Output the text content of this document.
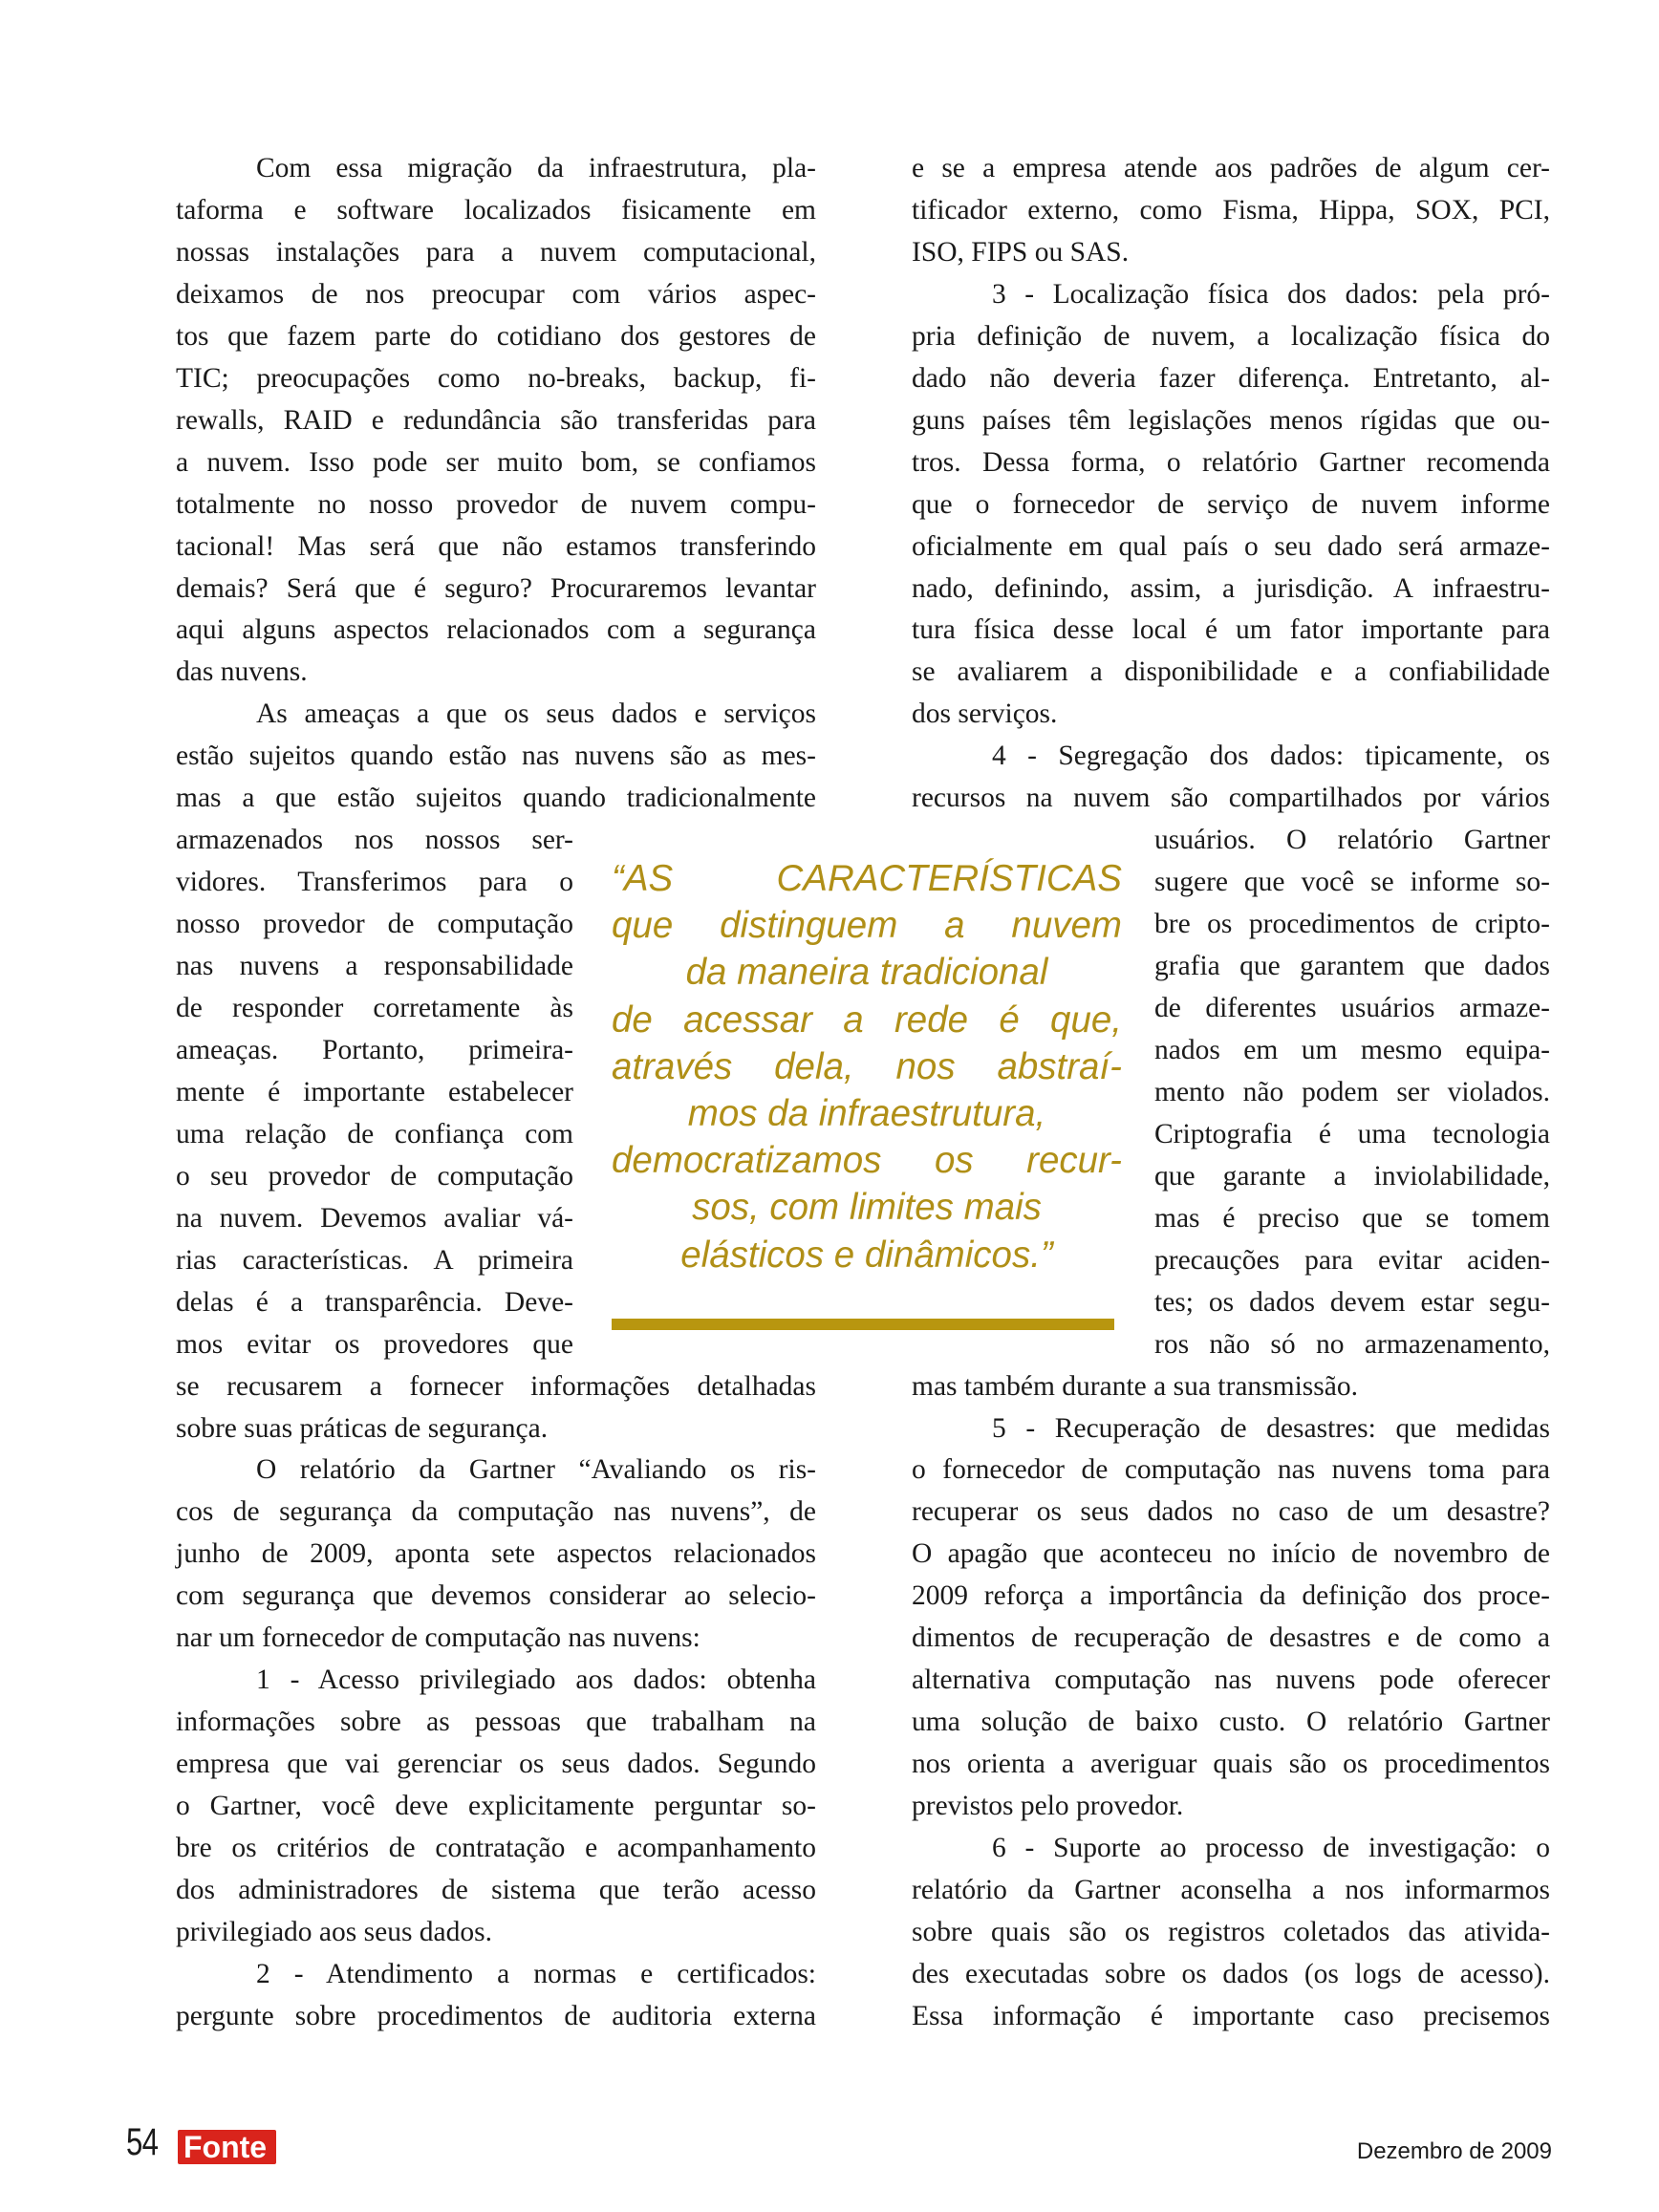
Com essa migração da infraestrutura, pla-
taforma e software localizados fisicamente em
nossas instalações para a nuvem computacional,
deixamos de nos preocupar com vários aspec-
tos que fazem parte do cotidiano dos gestores de
TIC; preocupações como no-breaks, backup, fi-
rewalls, RAID e redundância são transferidas para
a nuvem. Isso pode ser muito bom, se confiamos
totalmente no nosso provedor de nuvem compu-
tacional! Mas será que não estamos transferindo
demais? Será que é seguro? Procuraremos levantar
aqui alguns aspectos relacionados com a segurança
das nuvens.
As ameaças a que os seus dados e serviços
estão sujeitos quando estão nas nuvens são as mes-
mas a que estão sujeitos quando tradicionalmente
armazenados nos nossos ser-
vidores. Transferimos para o
nosso provedor de computação
nas nuvens a responsabilidade
de responder corretamente às
ameaças. Portanto, primeira-
mente é importante estabelecer
uma relação de confiança com
o seu provedor de computação
na nuvem. Devemos avaliar vá-
rias características. A primeira
delas é a transparência. Deve-
mos evitar os provedores que
se recusarem a fornecer informações detalhadas
sobre suas práticas de segurança.
O relatório da Gartner “Avaliando os ris-
cos de segurança da computação nas nuvens”, de
junho de 2009, aponta sete aspectos relacionados
com segurança que devemos considerar ao selecio-
nar um fornecedor de computação nas nuvens:
1 - Acesso privilegiado aos dados: obtenha
informações sobre as pessoas que trabalham na
empresa que vai gerenciar os seus dados. Segundo
o Gartner, você deve explicitamente perguntar so-
bre os critérios de contratação e acompanhamento
dos administradores de sistema que terão acesso
privilegiado aos seus dados.
2 - Atendimento a normas e certificados:
pergunte sobre procedimentos de auditoria externa
e se a empresa atende aos padrões de algum cer-
tificador externo, como Fisma, Hippa, SOX, PCI,
ISO, FIPS ou SAS.
3 - Localização física dos dados: pela pró-
pria definição de nuvem, a localização física do
dado não deveria fazer diferença. Entretanto, al-
guns países têm legislações menos rígidas que ou-
tros. Dessa forma, o relatório Gartner recomenda
que o fornecedor de serviço de nuvem informe
oficialmente em qual país o seu dado será armaze-
nado, definindo, assim, a jurisdição. A infraestru-
tura física desse local é um fator importante para
se avaliarem a disponibilidade e a confiabilidade
dos serviços.
4 - Segregação dos dados: tipicamente, os
recursos na nuvem são compartilhados por vários
usuários. O relatório Gartner
sugere que você se informe so-
bre os procedimentos de cripto-
grafia que garantem que dados
de diferentes usuários armaze-
nados em um mesmo equipa-
mento não podem ser violados.
Criptografia é uma tecnologia
que garante a inviolabilidade,
mas é preciso que se tomem
precauções para evitar aciden-
tes; os dados devem estar segu-
ros não só no armazenamento,
mas também durante a sua transmissão.
5 - Recuperação de desastres: que medidas
o fornecedor de computação nas nuvens toma para
recuperar os seus dados no caso de um desastre?
O apagão que aconteceu no início de novembro de
2009 reforça a importância da definição dos proce-
dimentos de recuperação de desastres e de como a
alternativa computação nas nuvens pode oferecer
uma solução de baixo custo. O relatório Gartner
nos orienta a averiguar quais são os procedimentos
previstos pelo provedor.
6 - Suporte ao processo de investigação: o
relatório da Gartner aconselha a nos informarmos
sobre quais são os registros coletados das ativida-
des executadas sobre os dados (os logs de acesso).
Essa informação é importante caso precisemos
“AS CARACTERÍSTICAS
que distinguem a nuvem
da maneira tradicional
de acessar a rede é que,
através dela, nos abstraí-
mos da infraestrutura,
democratizamos os recur-
sos, com limites mais
elásticos e dinâmicos.”
54 Fonte	Dezembro de 2009
